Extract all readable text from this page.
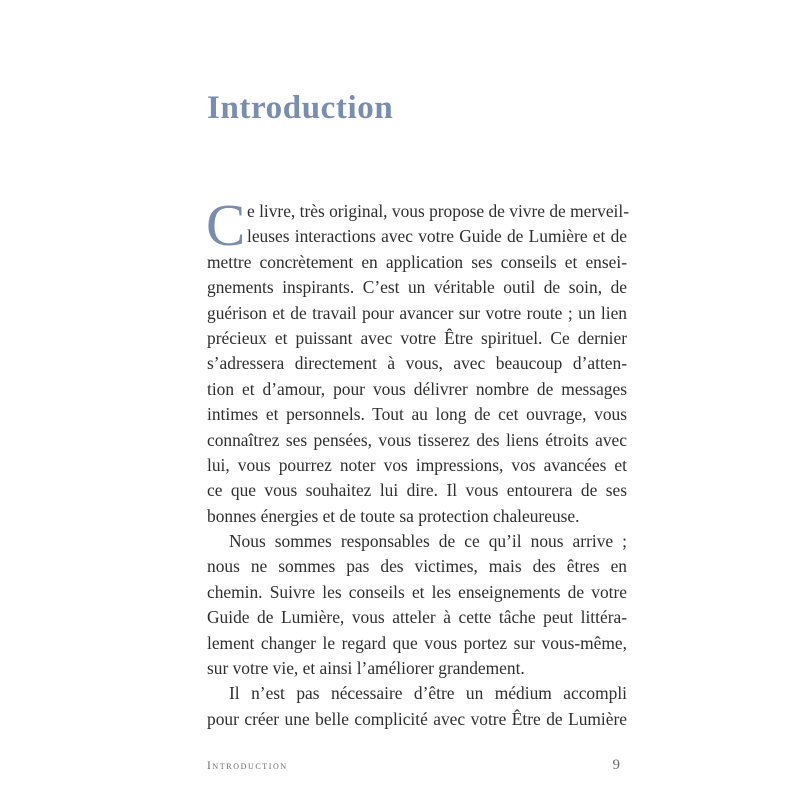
Introduction
C e livre, très original, vous propose de vivre de merveil-
leuses interactions avec votre Guide de Lumière et de
mettre concrètement en application ses conseils et ensei-
gnements inspirants. C’est un véritable outil de soin, de
guérison et de travail pour avancer sur votre route ; un lien
précieux et puissant avec votre Être spirituel. Ce dernier
s’adressera directement à vous, avec beaucoup d’atten-
tion et d’amour, pour vous délivrer nombre de messages
intimes et personnels. Tout au long de cet ouvrage, vous
connaîtrez ses pensées, vous tisserez des liens étroits avec
lui, vous pourrez noter vos impressions, vos avancées et
ce que vous souhaitez lui dire. Il vous entourera de ses
bonnes énergies et de toute sa protection chaleureuse.
Nous sommes responsables de ce qu’il nous arrive ;
nous ne sommes pas des victimes, mais des êtres en
chemin. Suivre les conseils et les enseignements de votre
Guide de Lumière, vous atteler à cette tâche peut littéra-
lement changer le regard que vous portez sur vous-même,
sur votre vie, et ainsi l’améliorer grandement.
Il n’est pas nécessaire d’être un médium accompli
pour créer une belle complicité avec votre Être de Lumière
Introduction	9
